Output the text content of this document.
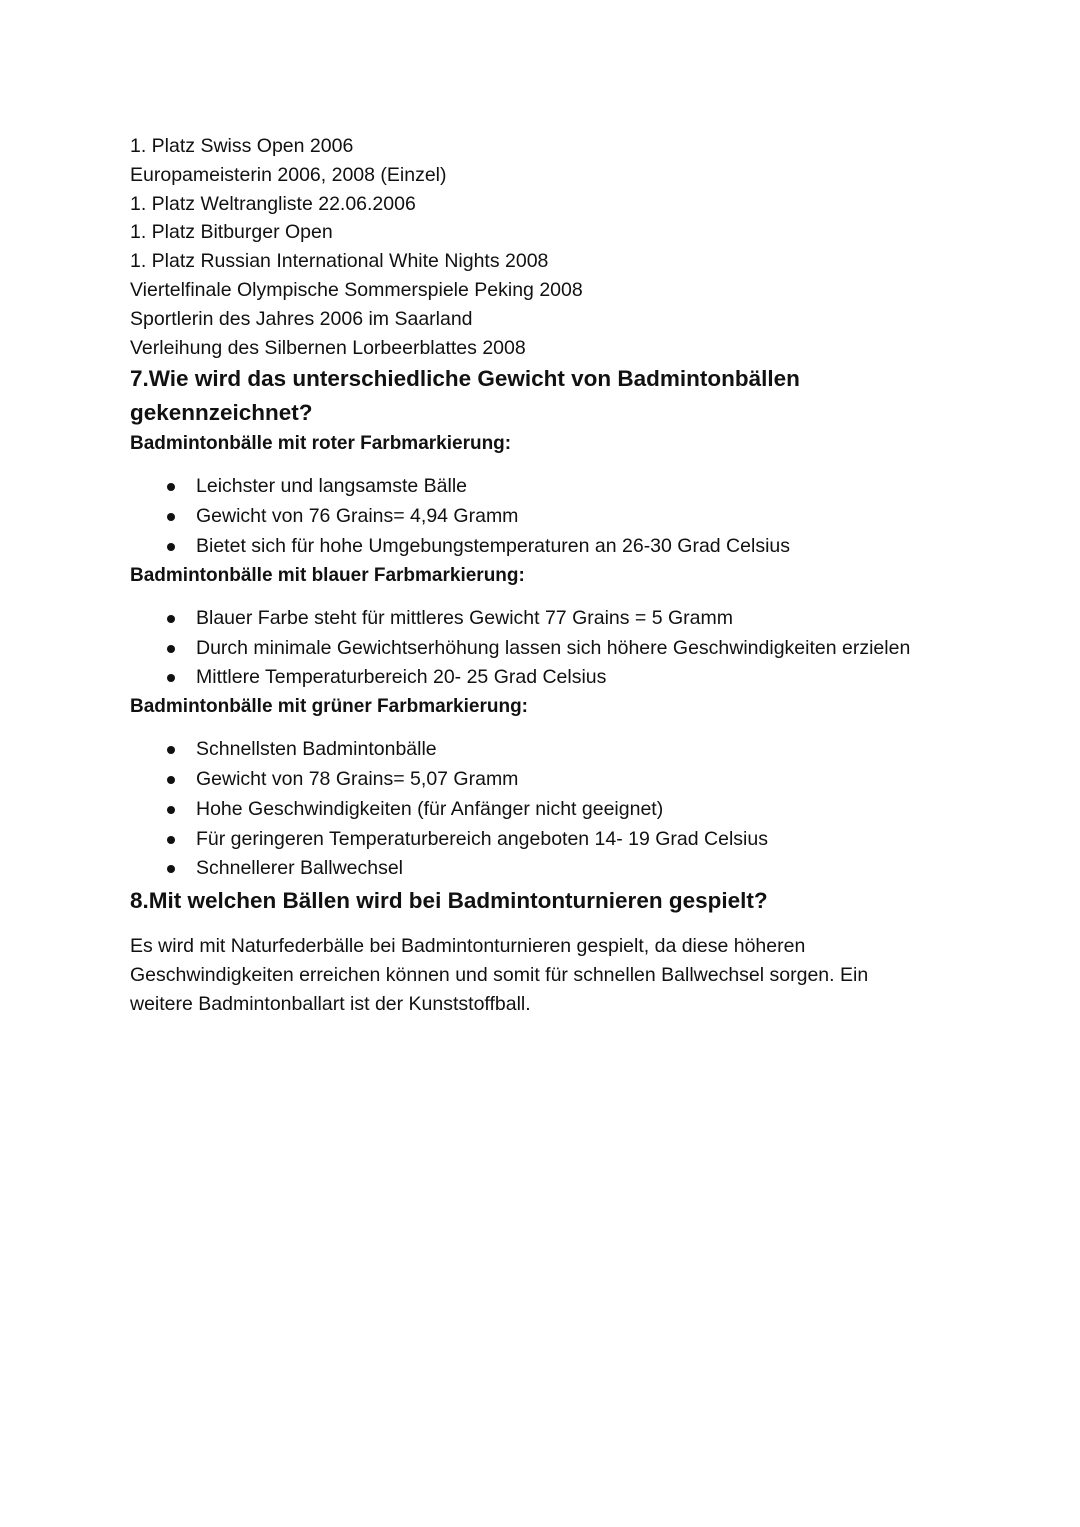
1. Platz Swiss Open 2006
Europameisterin 2006, 2008 (Einzel)
1. Platz Weltrangliste 22.06.2006
1. Platz Bitburger Open
1. Platz Russian International White Nights 2008
Viertelfinale Olympische Sommerspiele Peking 2008
Sportlerin des Jahres 2006 im Saarland
Verleihung des Silbernen Lorbeerblattes 2008
7.Wie wird das unterschiedliche Gewicht von Badmintonbällen gekennzeichnet?
Badmintonbälle mit roter Farbmarkierung:
Leichster und langsamste Bälle
Gewicht von 76 Grains= 4,94 Gramm
Bietet sich für hohe Umgebungstemperaturen an 26-30 Grad Celsius
Badmintonbälle mit blauer Farbmarkierung:
Blauer Farbe steht für mittleres Gewicht 77 Grains = 5 Gramm
Durch minimale Gewichtserhöhung lassen sich höhere Geschwindigkeiten erzielen
Mittlere Temperaturbereich 20- 25 Grad Celsius
Badmintonbälle mit grüner Farbmarkierung:
Schnellsten Badmintonbälle
Gewicht von 78 Grains= 5,07 Gramm
Hohe Geschwindigkeiten (für Anfänger nicht geeignet)
Für geringeren Temperaturbereich angeboten 14- 19 Grad Celsius
Schnellerer Ballwechsel
8.Mit welchen Bällen wird bei Badmintonturnieren gespielt?

Es wird mit Naturfederbälle bei Badmintonturnieren gespielt, da diese höheren Geschwindigkeiten erreichen können und somit für schnellen Ballwechsel sorgen. Ein weitere Badmintonballart ist der Kunststoffball.
